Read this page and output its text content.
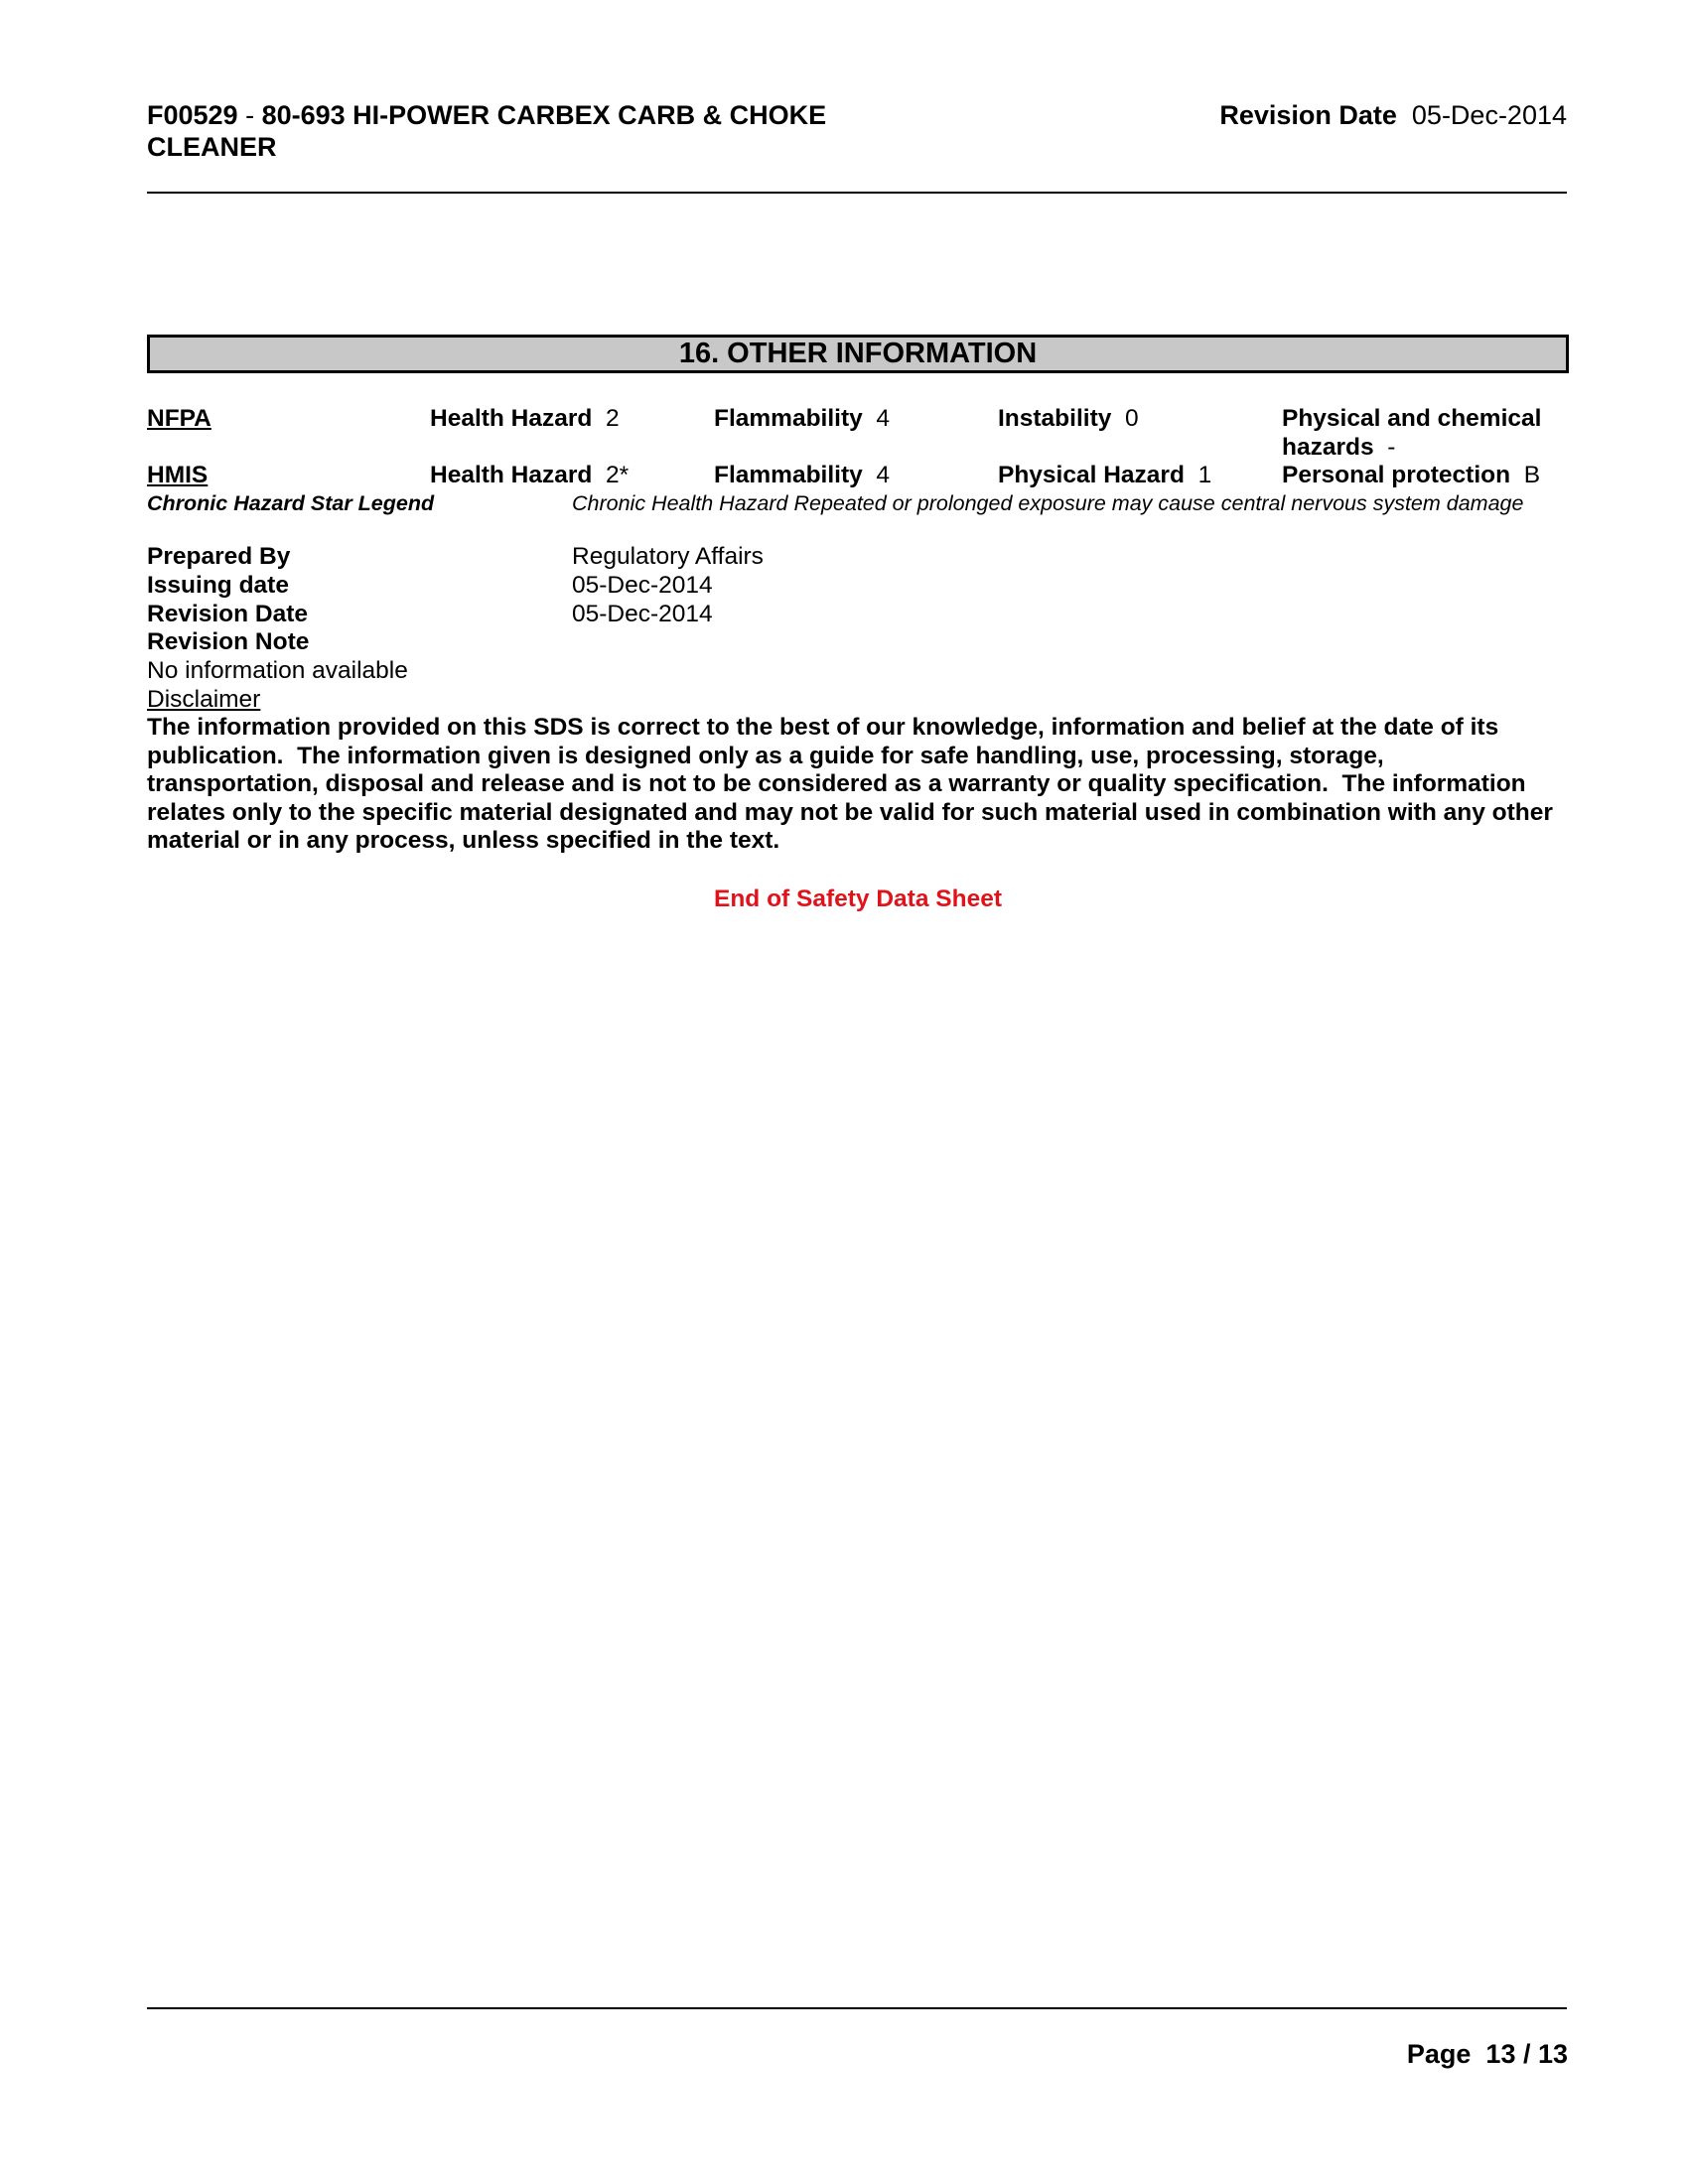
F00529 - 80-693 HI-POWER CARBEX CARB & CHOKE
CLEANER
Revision Date 05-Dec-2014
16. OTHER INFORMATION
NFPA	Health Hazard 2	Flammability 4	Instability 0	Physical and chemical
hazards -
HMIS	Health Hazard 2*	Flammability 4	Physical Hazard 1	Personal protection B
Chronic Hazard Star Legend	Chronic Health Hazard Repeated or prolonged exposure may cause central nervous system damage
Prepared By	Regulatory Affairs
Issuing date	05-Dec-2014
Revision Date	05-Dec-2014
Revision Note
No information available
Disclaimer
The information provided on this SDS is correct to the best of our knowledge, information and belief at the date of its
publication.  The information given is designed only as a guide for safe handling, use, processing, storage,
transportation, disposal and release and is not to be considered as a warranty or quality specification.  The information
relates only to the specific material designated and may not be valid for such material used in combination with any other
material or in any process, unless specified in the text.
End of Safety Data Sheet
Page 13 / 13
